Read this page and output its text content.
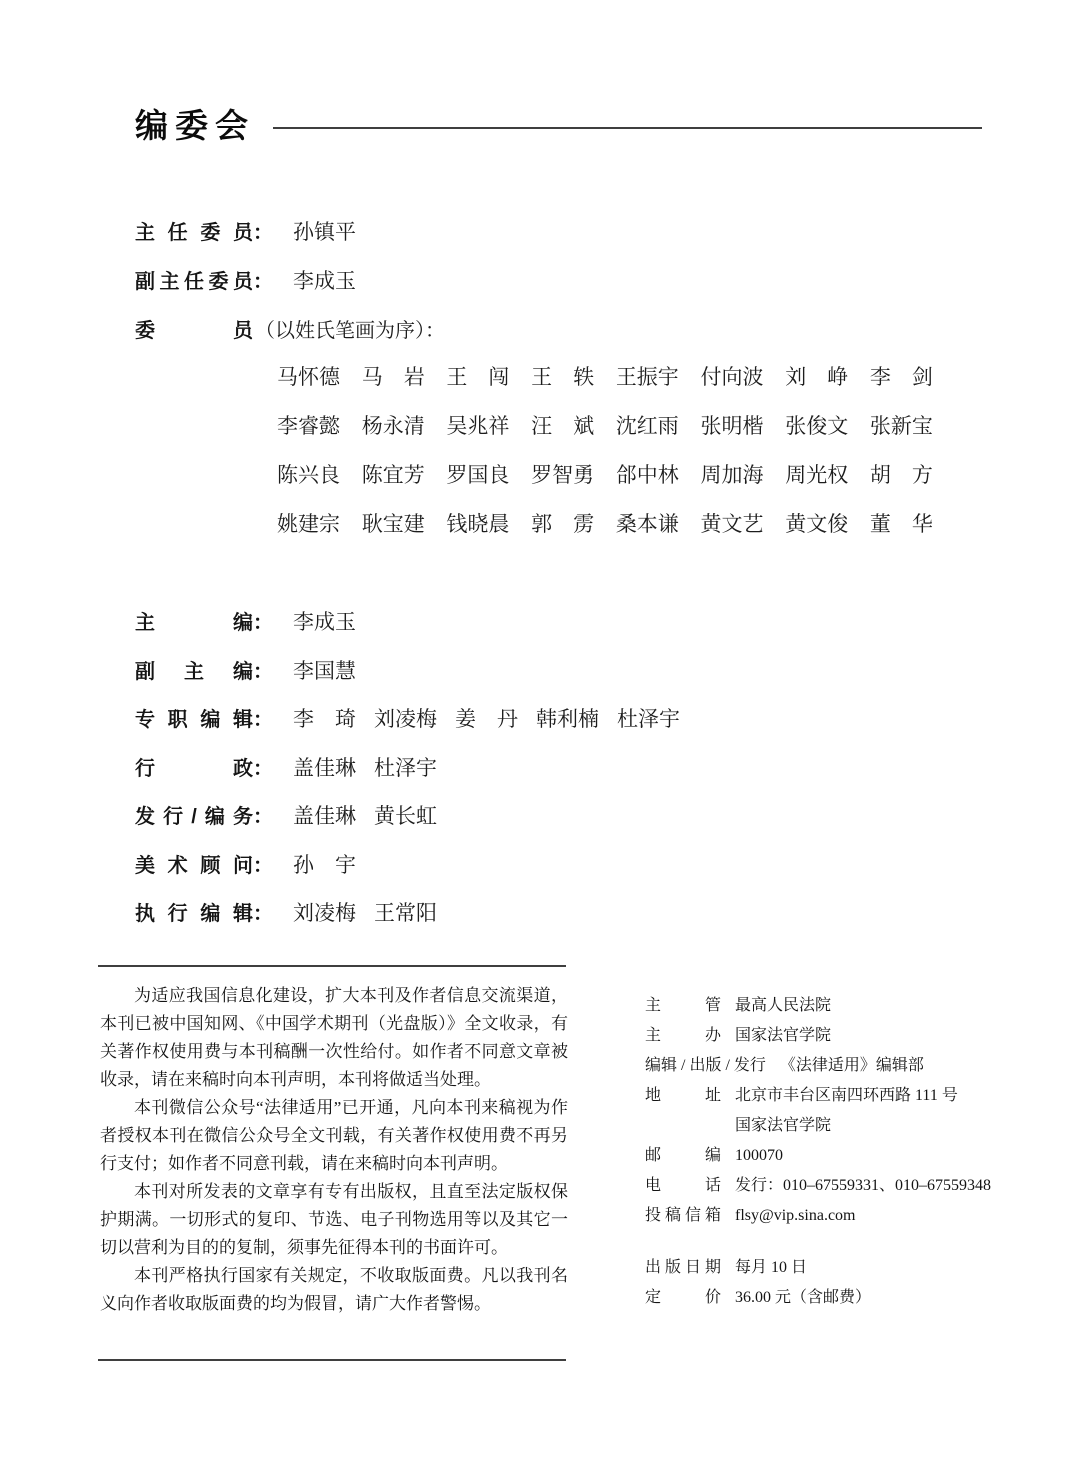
编委会
主任委员 ： 孙镇平
副主任委员 ： 李成玉
委员 （以姓氏笔画为序）：
马怀德 马　岩 王　闯 王　轶 王振宇 付向波 刘　峥 李　剑
李睿懿 杨永清 吴兆祥 汪　斌 沈红雨 张明楷 张俊文 张新宝
陈兴良 陈宜芳 罗国良 罗智勇 郃中林 周加海 周光权 胡　方
姚建宗 耿宝建 钱晓晨 郭　雳 桑本谦 黄文艺 黄文俊 董　华
主编 ： 李成玉
副主编 ： 李国慧
专职编辑 ： 李　琦 刘凌梅 姜　丹 韩利楠 杜泽宇
行政 ： 盖佳琳 杜泽宇
发行/编务 ： 盖佳琳 黄长虹
美术顾问 ： 孙　宇
执行编辑 ： 刘凌梅 王常阳

为适应我国信息化建设，扩大本刊及作者信息交流渠道，本刊已被中国知网、《中国学术期刊（光盘版）》全文收录，有关著作权使用费与本刊稿酬一次性给付。如作者不同意文章被收录，请在来稿时向本刊声明，本刊将做适当处理。

本刊微信公众号“法律适用”已开通，凡向本刊来稿视为作者授权本刊在微信公众号全文刊载，有关著作权使用费不再另行支付；如作者不同意刊载，请在来稿时向本刊声明。

本刊对所发表的文章享有专有出版权，且直至法定版权保护期满。一切形式的复印、节选、电子刊物选用等以及其它一切以营利为目的的复制，须事先征得本刊的书面许可。

本刊严格执行国家有关规定，不收取版面费。凡以我刊名义向作者收取版面费的均为假冒，请广大作者警惕。

主管 最高人民法院
主办 国家法官学院
编辑 / 出版 / 发行 《法律适用》编辑部
地址 北京市丰台区南四环西路 111 号
国家法官学院
邮编 100070
电话 发行：010–67559331、010–67559348
投稿信箱 flsy@vip.sina.com
出版日期 每月 10 日
定价 36.00 元（含邮费）
